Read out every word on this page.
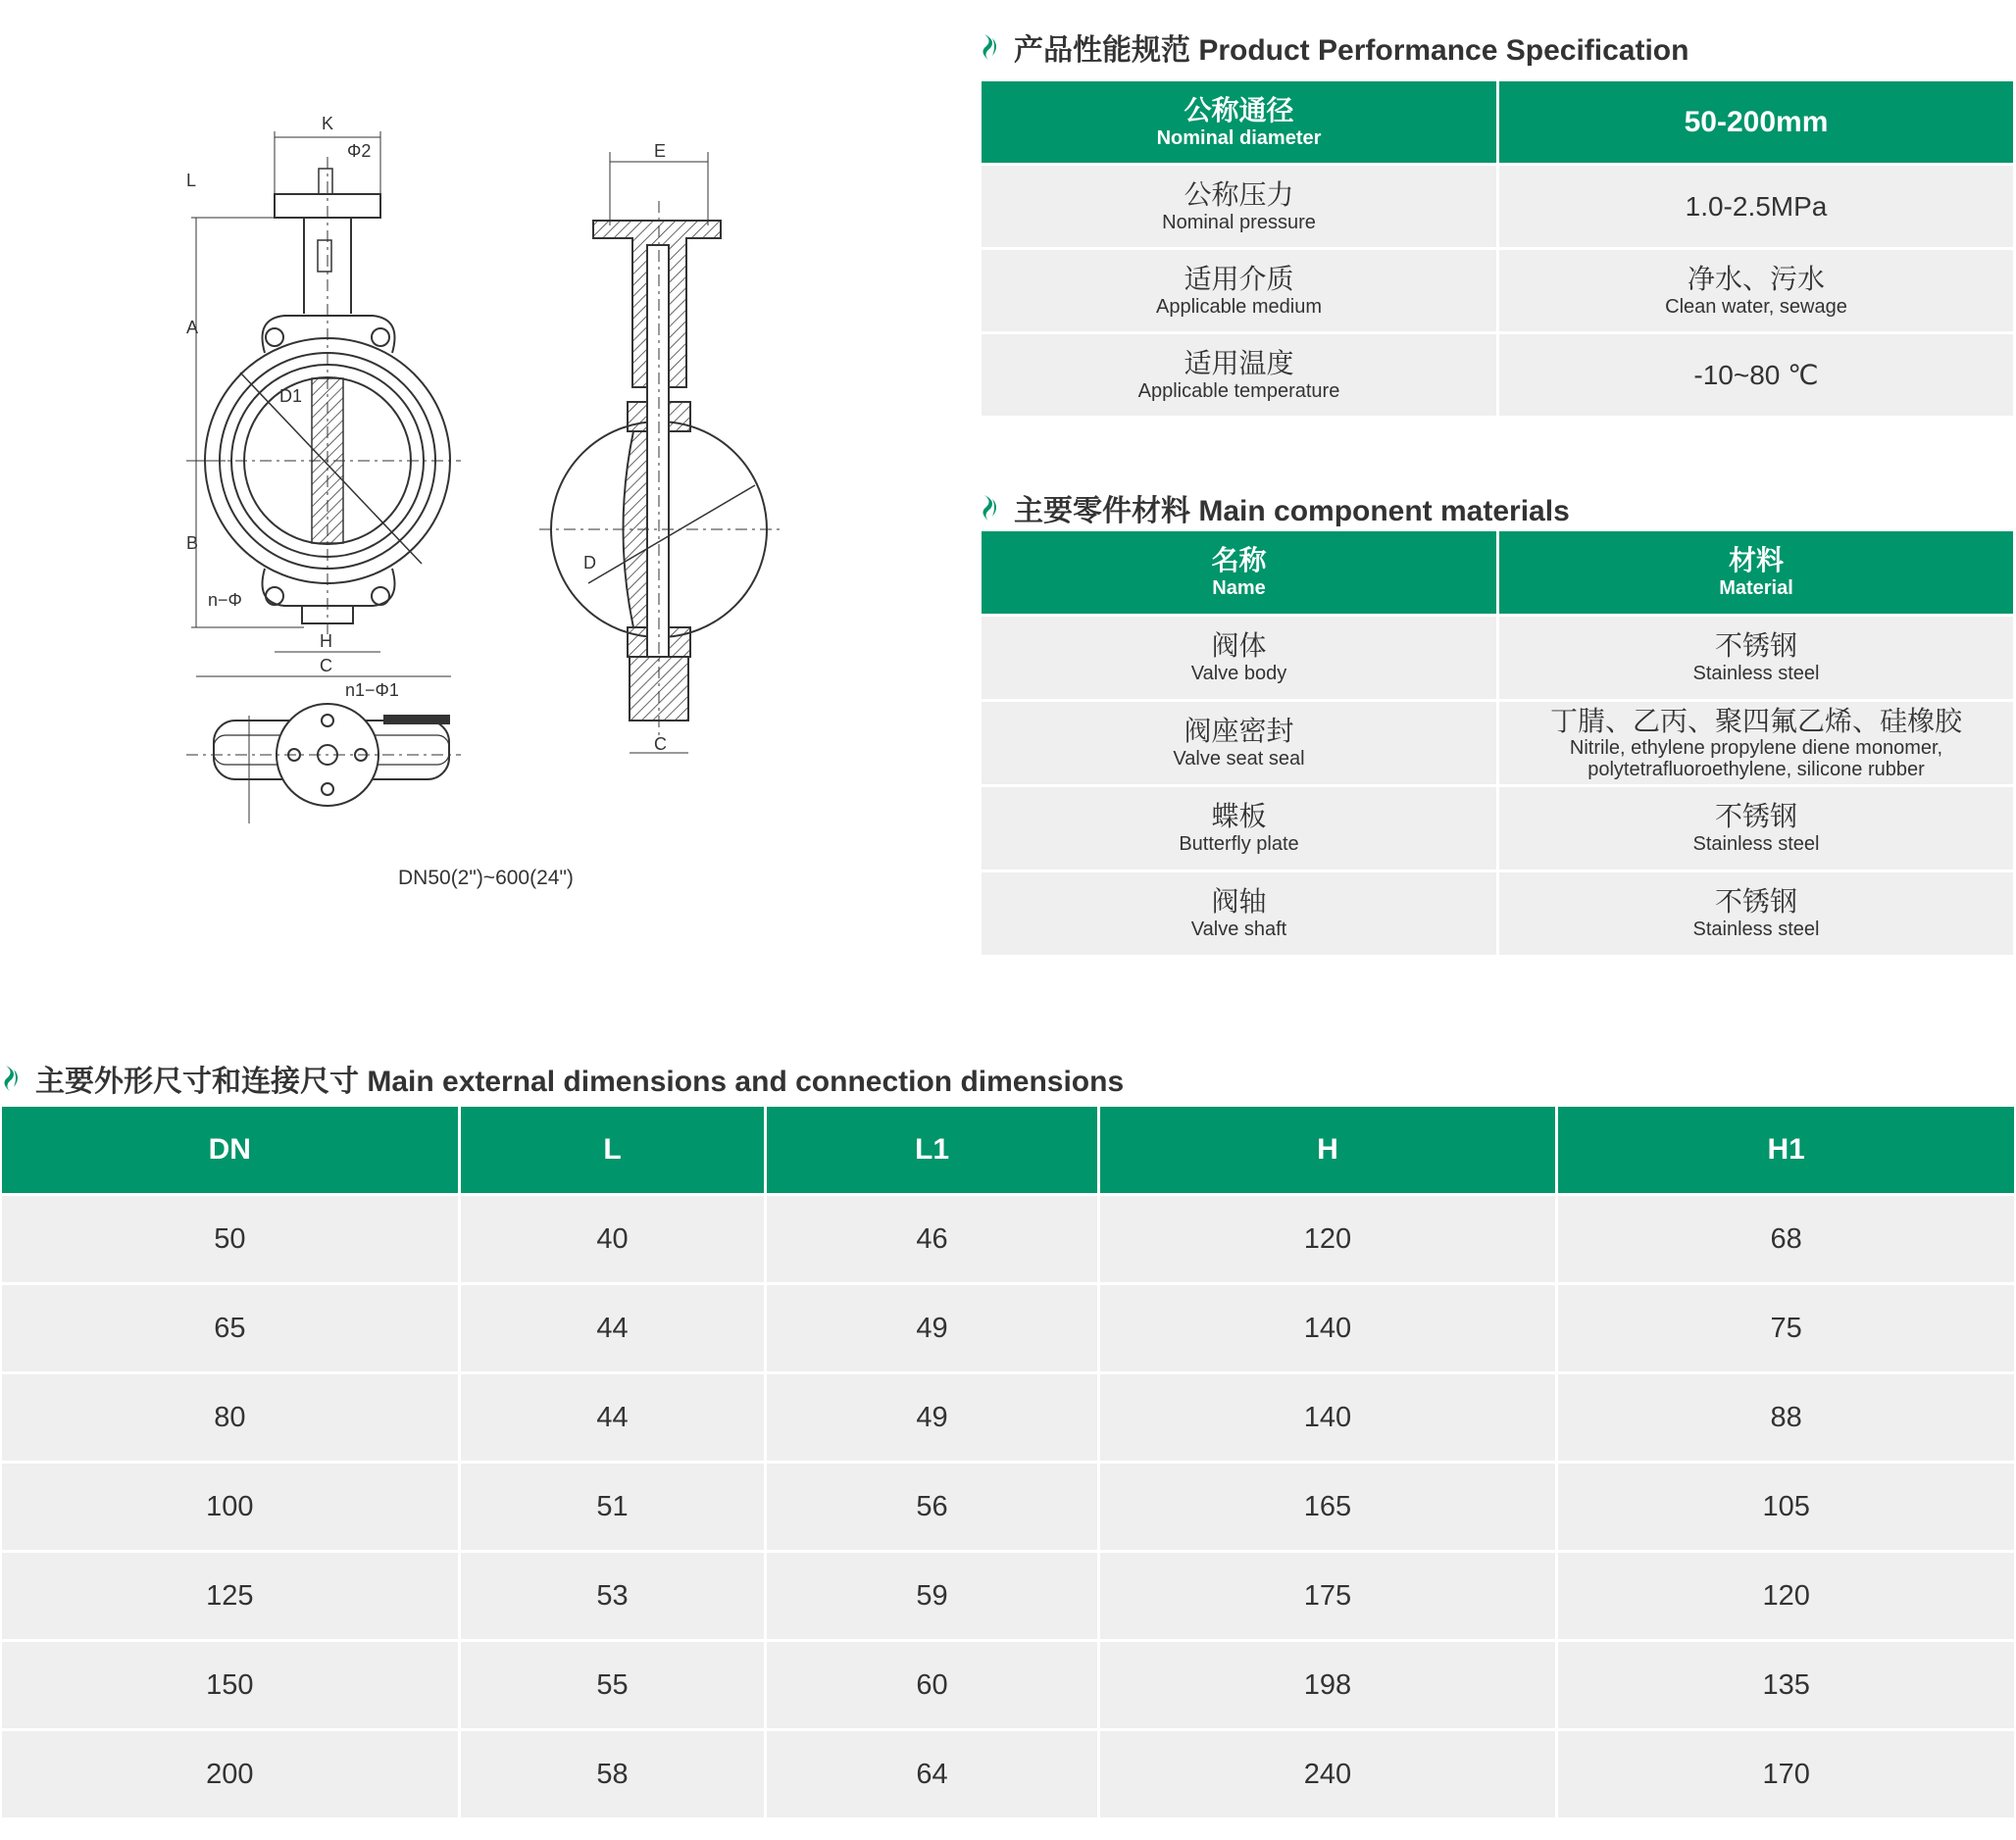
K
Φ2
L
A
B
D1
n−Φ
H
C
n1−Φ1
E
D
C
DN50(2")~600(24")
产品性能规范 Product Performance Specification
公称通径
Nominal diameter	50-200mm

公称压力
Nominal pressure	1.0-2.5MPa

适用介质
Applicable medium	净水、污水
Clean water, sewage

适用温度
Applicable temperature	-10~80 ℃
主要零件材料 Main component materials
名称
Name	材料
Material

阀体
Valve body	不锈钢
Stainless steel

阀座密封
Valve seat seal	丁腈、乙丙、聚四氟乙烯、硅橡胶
Nitrile, ethylene propylene diene monomer, polytetrafluoroethylene, silicone rubber

蝶板
Butterfly plate	不锈钢
Stainless steel

阀轴
Valve shaft	不锈钢
Stainless steel
主要外形尺寸和连接尺寸 Main external dimensions and connection dimensions
DN	L	L1	H	H1
50	40	46	120	68
65	44	49	140	75
80	44	49	140	88
100	51	56	165	105
125	53	59	175	120
150	55	60	198	135
200	58	64	240	170
